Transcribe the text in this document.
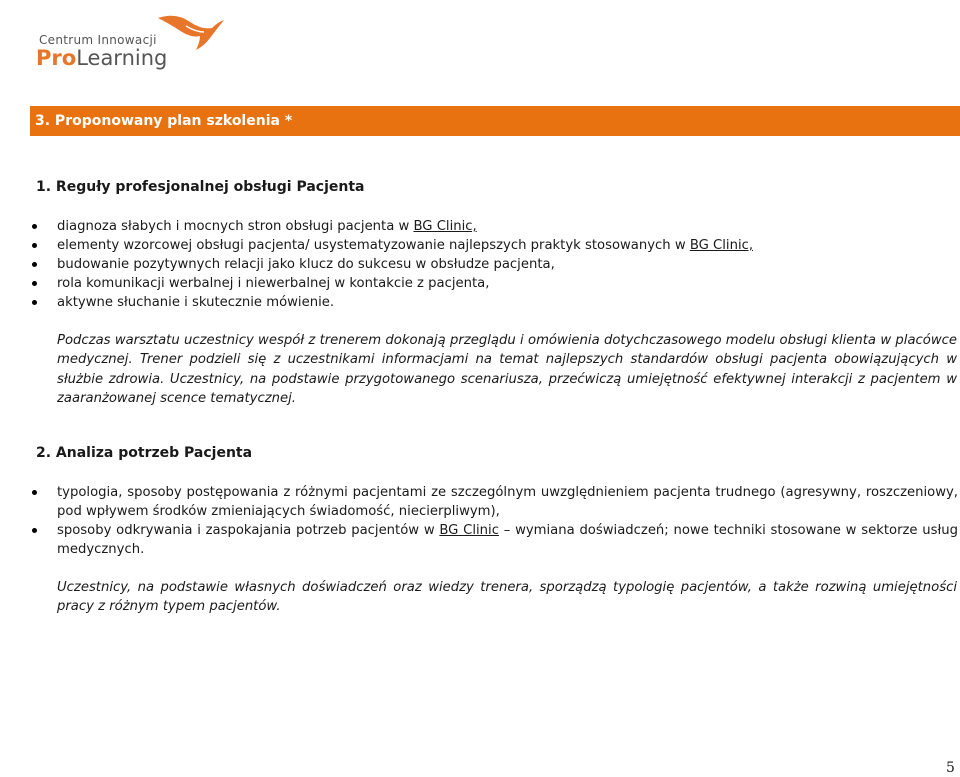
Centrum Innowacji
ProLearning
3. Proponowany plan szkolenia *
1. Reguły profesjonalnej obsługi Pacjenta
diagnoza słabych i mocnych stron obsługi pacjenta w BG Clinic,
elementy wzorcowej obsługi pacjenta/ usystematyzowanie najlepszych praktyk stosowanych w BG Clinic,
budowanie pozytywnych relacji jako klucz do sukcesu w obsłudze pacjenta,
rola komunikacji werbalnej i niewerbalnej w kontakcie z pacjenta,
aktywne słuchanie i skutecznie mówienie.
Podczas warsztatu uczestnicy wespół z trenerem dokonają przeglądu i omówienia dotychczasowego modelu obsługi klienta w placówce medycznej. Trener podzieli się z uczestnikami informacjami na temat najlepszych standardów obsługi pacjenta obowiązujących w służbie zdrowia. Uczestnicy, na podstawie przygotowanego scenariusza, przećwiczą umiejętność efektywnej interakcji z pacjentem w zaaranżowanej scence tematycznej.
2. Analiza potrzeb Pacjenta
typologia, sposoby postępowania z różnymi pacjentami ze szczególnym uwzględnieniem pacjenta trudnego (agresywny, roszczeniowy, pod wpływem środków zmieniających świadomość, niecierpliwym),
sposoby odkrywania i zaspokajania potrzeb pacjentów w BG Clinic – wymiana doświadczeń; nowe techniki stosowane w sektorze usług medycznych.
Uczestnicy, na podstawie własnych doświadczeń oraz wiedzy trenera, sporządzą typologię pacjentów, a także rozwiną umiejętności pracy z różnym typem pacjentów.
5
